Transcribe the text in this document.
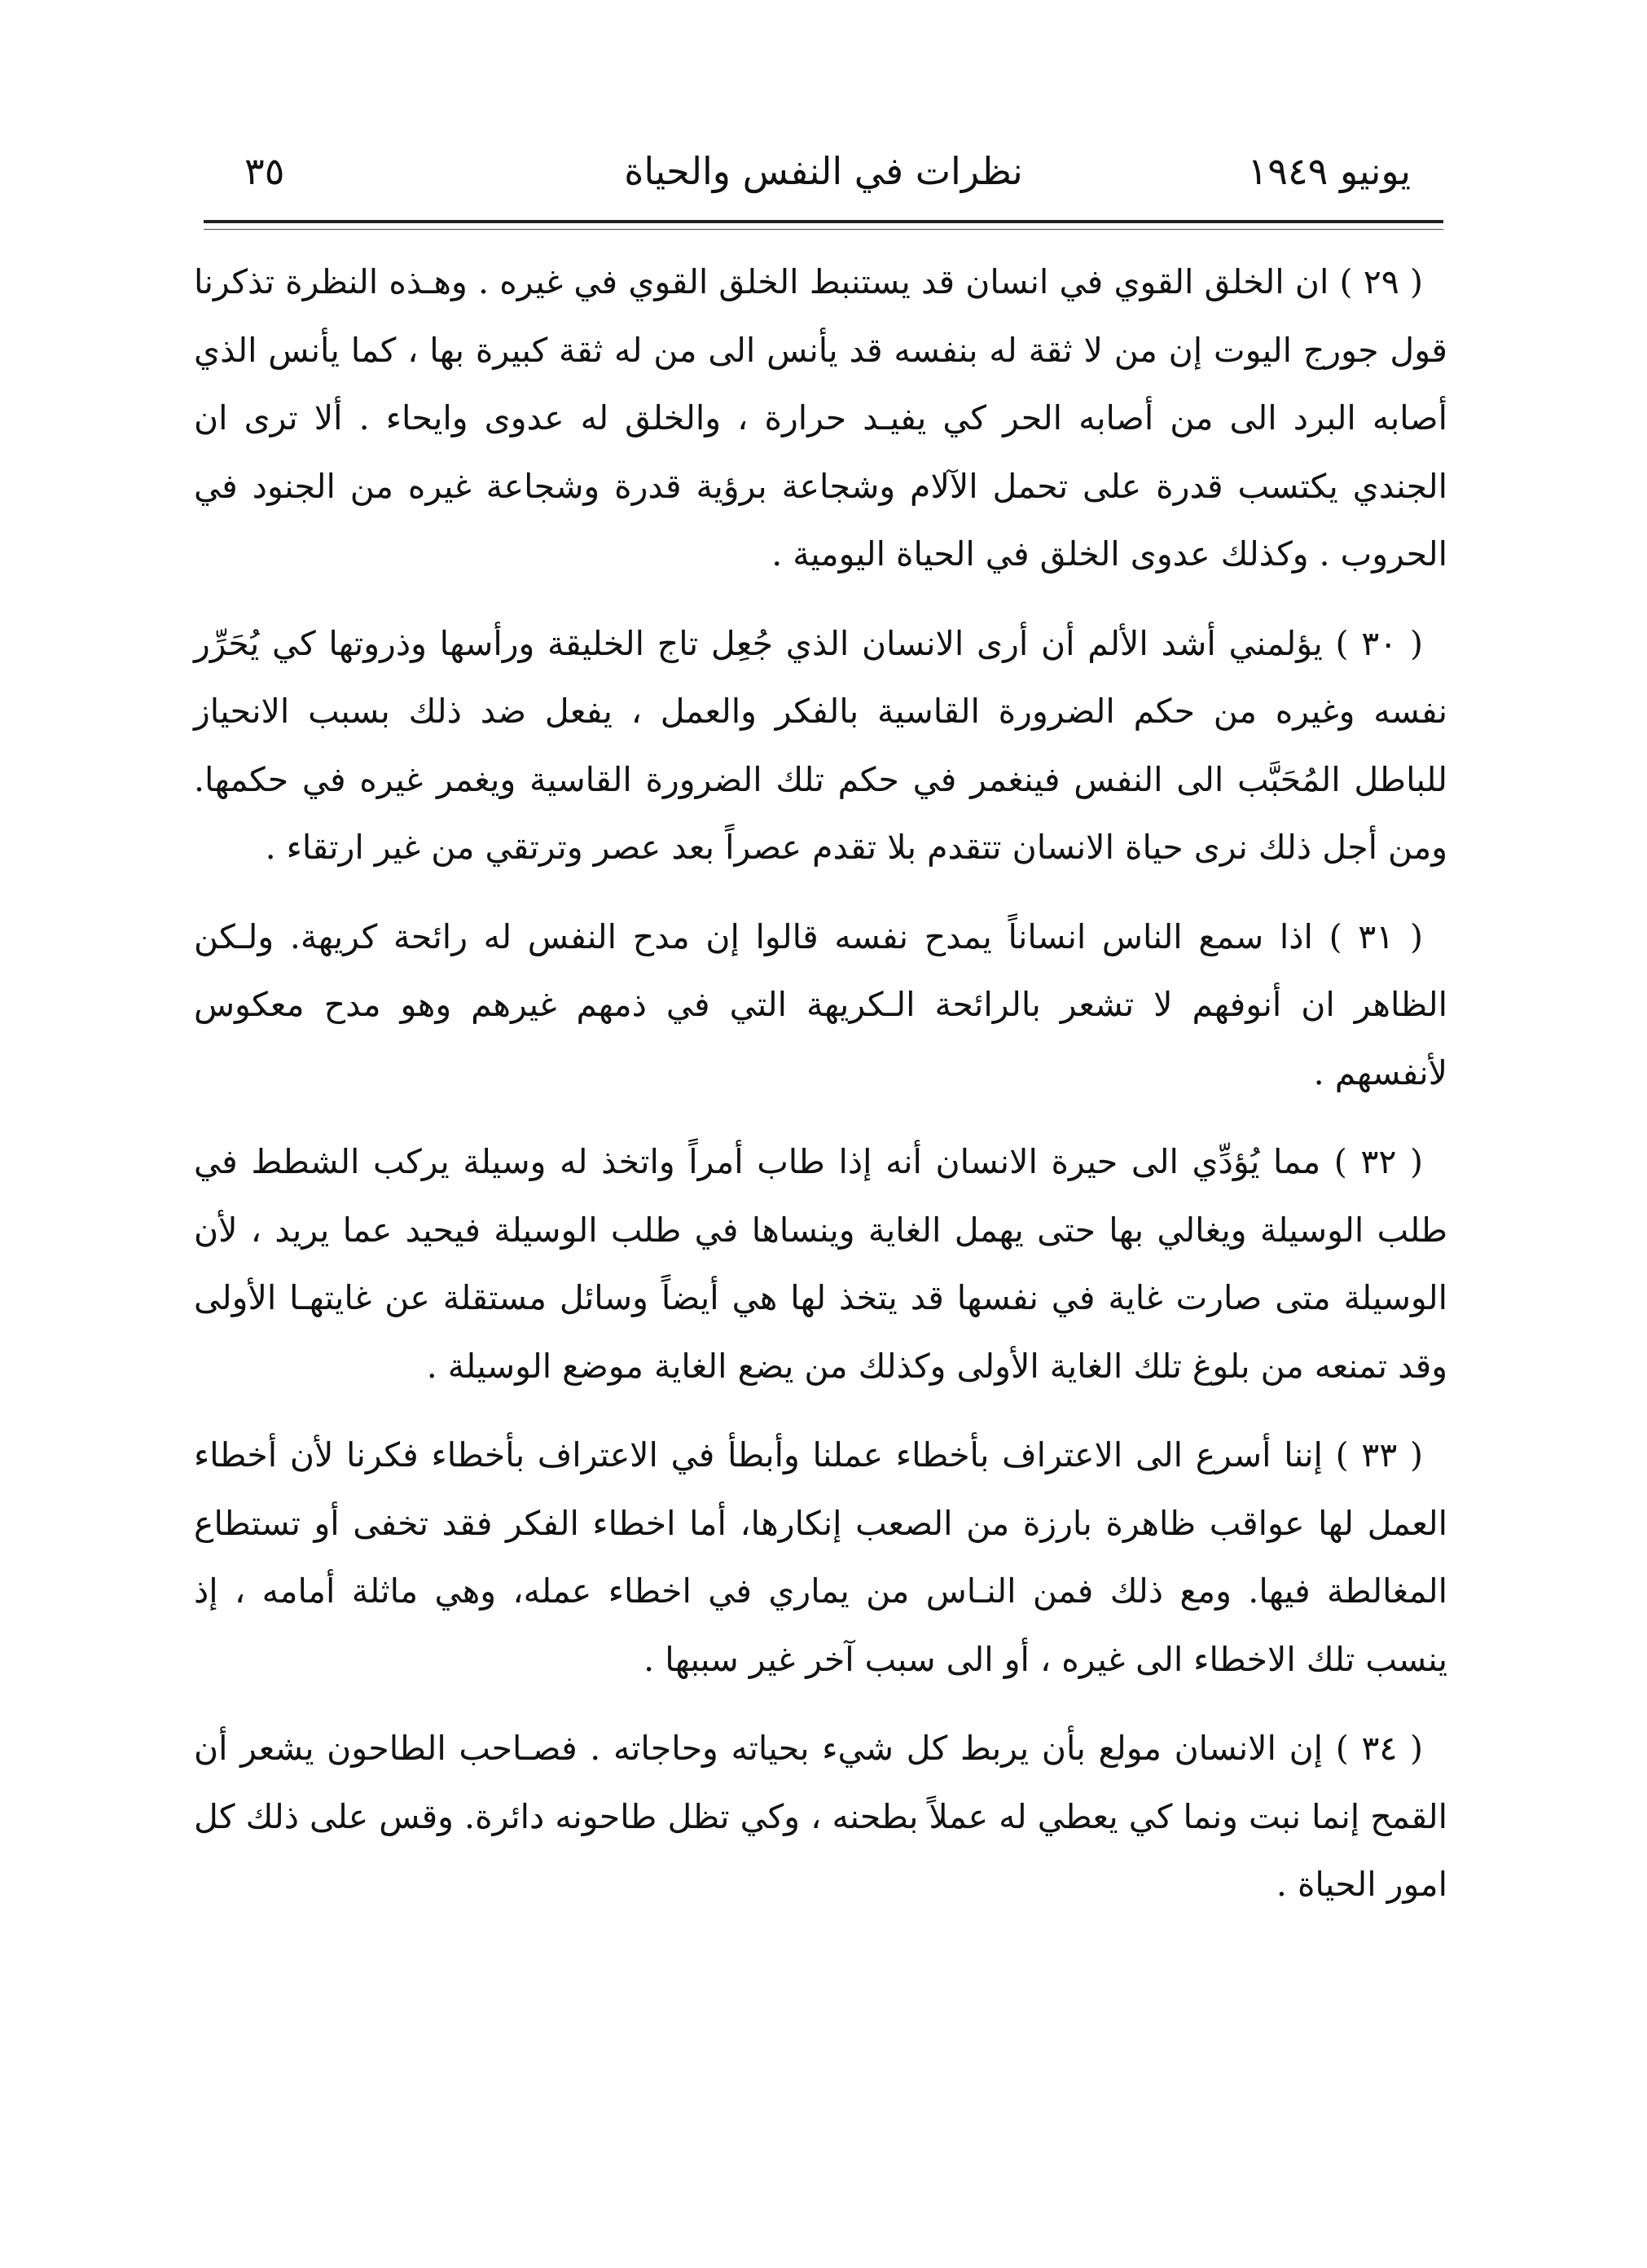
يونيو ١٩٤٩
نظرات في النفس والحياة
٣٥

( ٢٩ ) ان الخلق القوي في انسان قد يستنبط الخلق القوي في غيره . وهـذه النظرة تذكرنا قول جورج اليوت إن من لا ثقة له بنفسه قد يأنس الى من له ثقة كبيرة بها ، كما يأنس الذي أصابه البرد الى من أصابه الحر كي يفيـد حرارة ، والخلق له عدوى وايحاء . ألا ترى ان الجندي يكتسب قدرة على تحمل الآلام وشجاعة برؤية قدرة وشجاعة غيره من الجنود في الحروب . وكذلك عدوى الخلق في الحياة اليومية .

( ٣٠ ) يؤلمني أشد الألم أن أرى الانسان الذي جُعِل تاج الخليقة ورأسها وذروتها كي يُحَرِّر نفسه وغيره من حكم الضرورة القاسية بالفكر والعمل ، يفعل ضد ذلك بسبب الانحياز للباطل المُحَبَّب الى النفس فينغمر في حكم تلك الضرورة القاسية ويغمر غيره في حكمها. ومن أجل ذلك نرى حياة الانسان تتقدم بلا تقدم عصراً بعد عصر وترتقي من غير ارتقاء .

( ٣١ ) اذا سمع الناس انساناً يمدح نفسه قالوا إن مدح النفس له رائحة كريهة. ولـكن الظاهر ان أنوفهم لا تشعر بالرائحة الـكريهة التي في ذمهم غيرهم وهو مدح معكوس لأنفسهم .

( ٣٢ ) مما يُؤدِّي الى حيرة الانسان أنه إذا طاب أمراً واتخذ له وسيلة يركب الشطط في طلب الوسيلة ويغالي بها حتى يهمل الغاية وينساها في طلب الوسيلة فيحيد عما يريد ، لأن الوسيلة متى صارت غاية في نفسها قد يتخذ لها هي أيضاً وسائل مستقلة عن غايتهـا الأولى وقد تمنعه من بلوغ تلك الغاية الأولى وكذلك من يضع الغاية موضع الوسيلة .

( ٣٣ ) إننا أسرع الى الاعتراف بأخطاء عملنا وأبطأ في الاعتراف بأخطاء فكرنا لأن أخطاء العمل لها عواقب ظاهرة بارزة من الصعب إنكارها، أما اخطاء الفكر فقد تخفى أو تستطاع المغالطة فيها. ومع ذلك فمن النـاس من يماري في اخطاء عمله، وهي ماثلة أمامه ، إذ ينسب تلك الاخطاء الى غيره ، أو الى سبب آخر غير سببها .

( ٣٤ ) إن الانسان مولع بأن يربط كل شيء بحياته وحاجاته . فصـاحب الطاحون يشعر أن القمح إنما نبت ونما كي يعطي له عملاً بطحنه ، وكي تظل طاحونه دائرة. وقس على ذلك كل امور الحياة .
